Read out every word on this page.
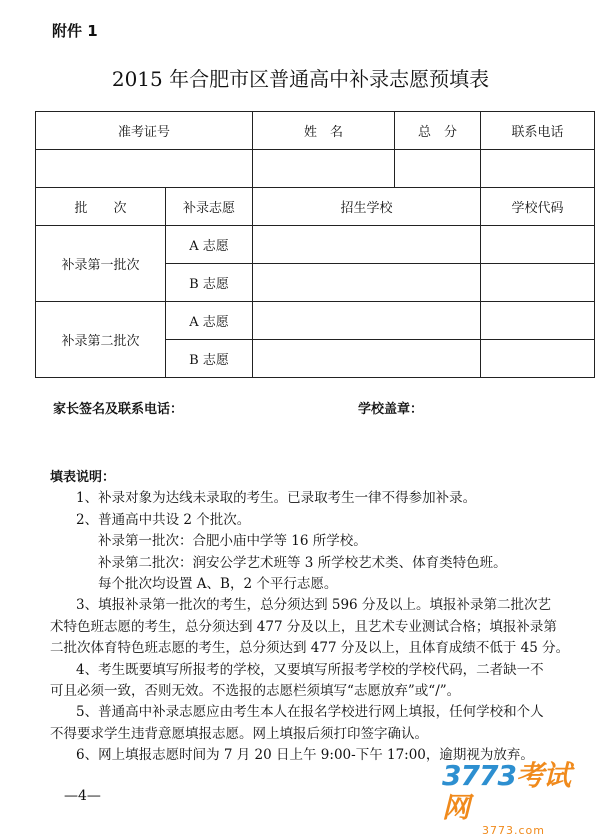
附件 1
2015 年合肥市区普通高中补录志愿预填表
准考证号		姓　名	总　分	联系电话

批　　次	补录志愿	招生学校		学校代码
补录第一批次	A 志愿			
	B 志愿			
补录第二批次	A 志愿			
	B 志愿			
家长签名及联系电话：	学校盖章：

填表说明：

1、补录对象为达线未录取的考生。已录取考生一律不得参加补录。

2、普通高中共设 2 个批次。

补录第一批次：合肥小庙中学等 16 所学校。

补录第二批次：润安公学艺术班等 3 所学校艺术类、体育类特色班。

每个批次均设置 A、B，2 个平行志愿。

3、填报补录第一批次的考生，总分须达到 596 分及以上。填报补录第二批次艺

术特色班志愿的考生，总分须达到 477 分及以上，且艺术专业测试合格；填报补录第

二批次体育特色班志愿的考生，总分须达到 477 分及以上，且体育成绩不低于 45 分。

4、考生既要填写所报考的学校，又要填写所报考学校的学校代码，二者缺一不

可且必须一致，否则无效。不选报的志愿栏须填写“志愿放弃”或“/”。

5、普通高中补录志愿应由考生本人在报名学校进行网上填报，任何学校和个人

不得要求学生违背意愿填报志愿。网上填报后须打印签字确认。

6、网上填报志愿时间为 7 月 20 日上午 9:00-下午 17:00，逾期视为放弃。

—4—
3773考试网
3773.com
